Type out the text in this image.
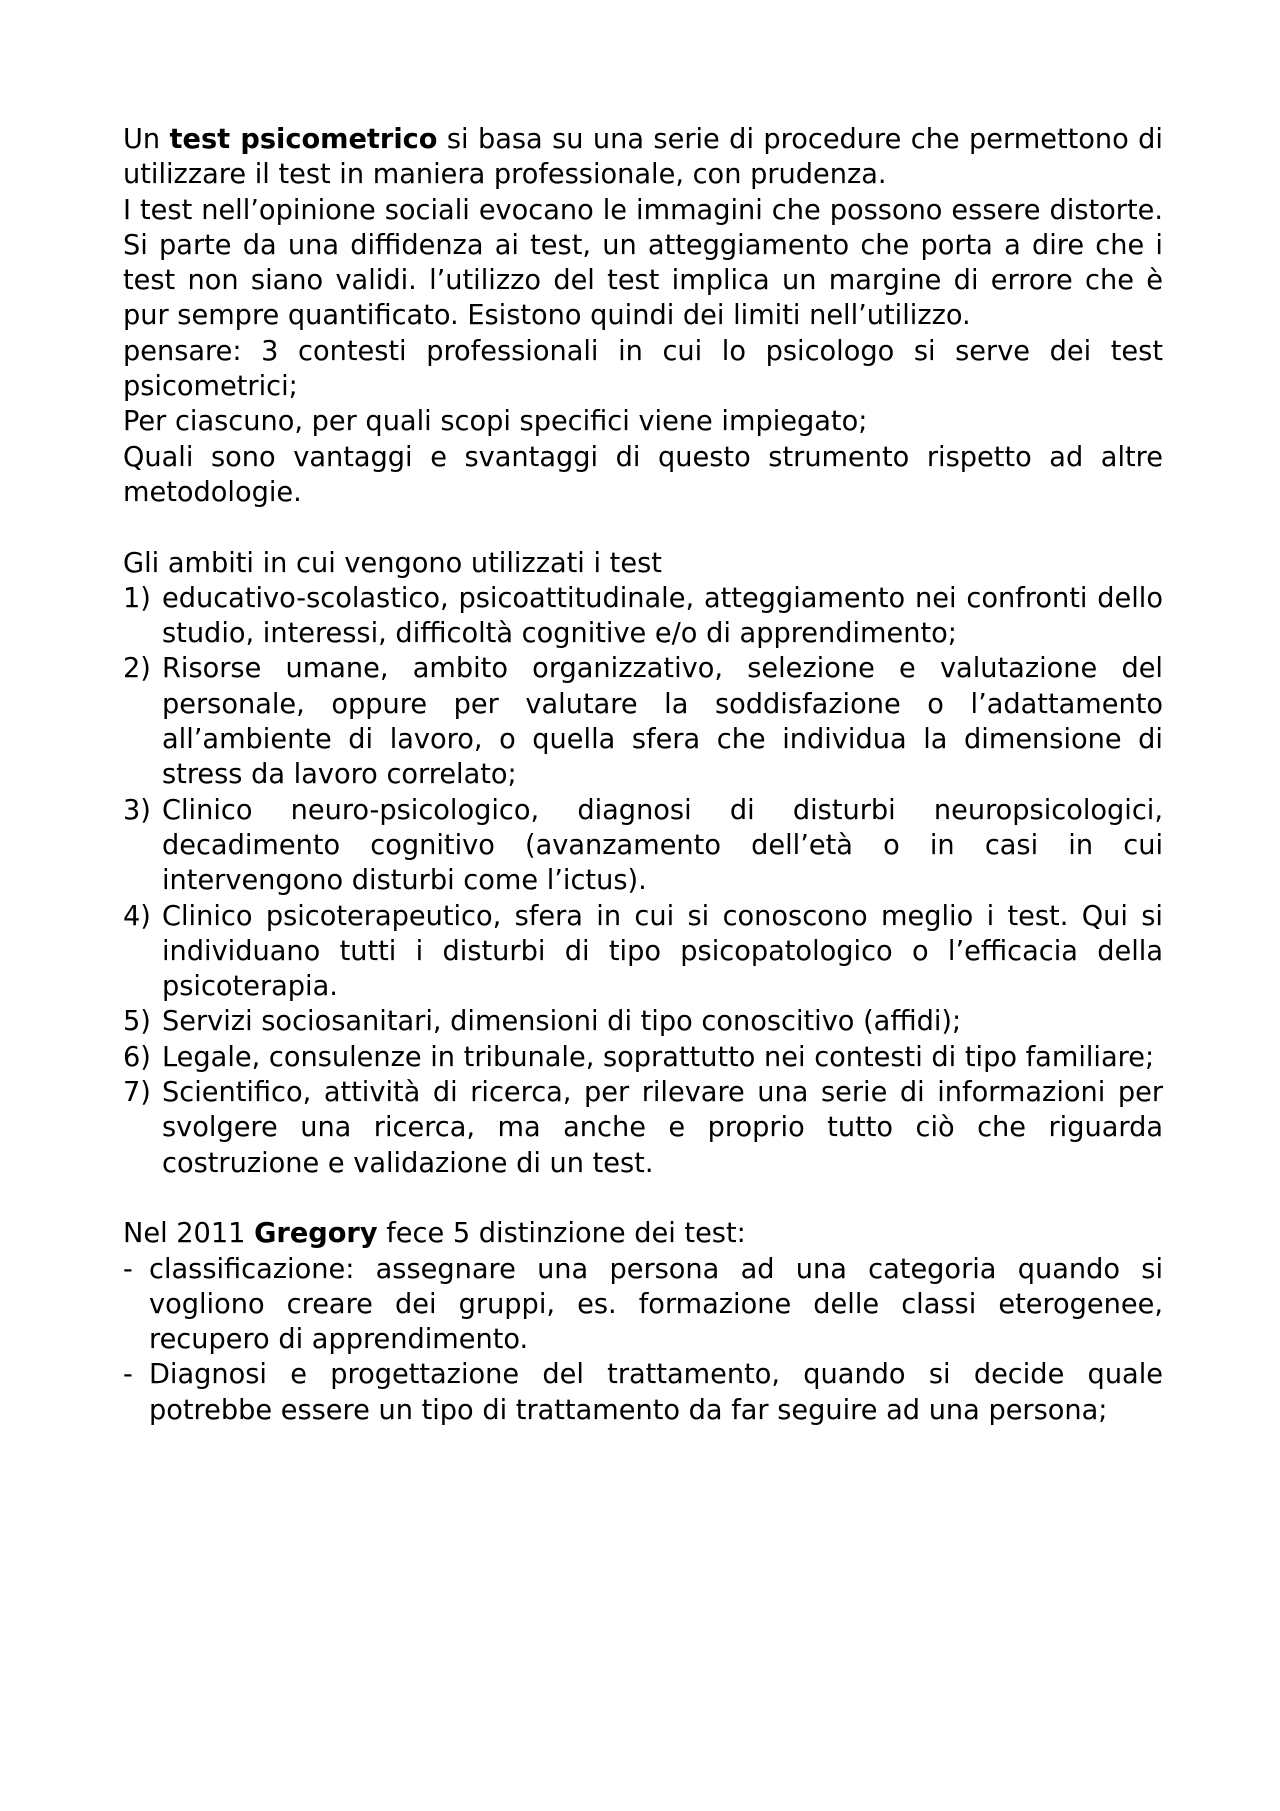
Un test psicometrico si basa su una serie di procedure che permettono di utilizzare il test in maniera professionale, con prudenza.

I test nell’opinione sociali evocano le immagini che possono essere distorte. Si parte da una diffidenza ai test, un atteggiamento che porta a dire che i test non siano validi. l’utilizzo del test implica un margine di errore che è pur sempre quantificato. Esistono quindi dei limiti nell’utilizzo.

pensare: 3 contesti professionali in cui lo psicologo si serve dei test psicometrici;

Per ciascuno, per quali scopi specifici viene impiegato;

Quali sono vantaggi e svantaggi di questo strumento rispetto ad altre metodologie.

Gli ambiti in cui vengono utilizzati i test

1) educativo-scolastico, psicoattitudinale, atteggiamento nei confronti dello studio, interessi, difficoltà cognitive e/o di apprendimento;
2) Risorse umane, ambito organizzativo, selezione e valutazione del personale, oppure per valutare la soddisfazione o l’adattamento all’ambiente di lavoro, o quella sfera che individua la dimensione di stress da lavoro correlato;
3) Clinico neuro-psicologico, diagnosi di disturbi neuropsicologici, decadimento cognitivo (avanzamento dell’età o in casi in cui intervengono disturbi come l’ictus).
4) Clinico psicoterapeutico, sfera in cui si conoscono meglio i test. Qui si individuano tutti i disturbi di tipo psicopatologico o l’efficacia della psicoterapia.
5) Servizi sociosanitari, dimensioni di tipo conoscitivo (affidi);
6) Legale, consulenze in tribunale, soprattutto nei contesti di tipo familiare;
7) Scientifico, attività di ricerca, per rilevare una serie di informazioni per svolgere una ricerca, ma anche e proprio tutto ciò che riguarda costruzione e validazione di un test.

Nel 2011 Gregory fece 5 distinzione dei test:

- classificazione: assegnare una persona ad una categoria quando si vogliono creare dei gruppi, es. formazione delle classi eterogenee, recupero di apprendimento.
- Diagnosi e progettazione del trattamento, quando si decide quale potrebbe essere un tipo di trattamento da far seguire ad una persona;
